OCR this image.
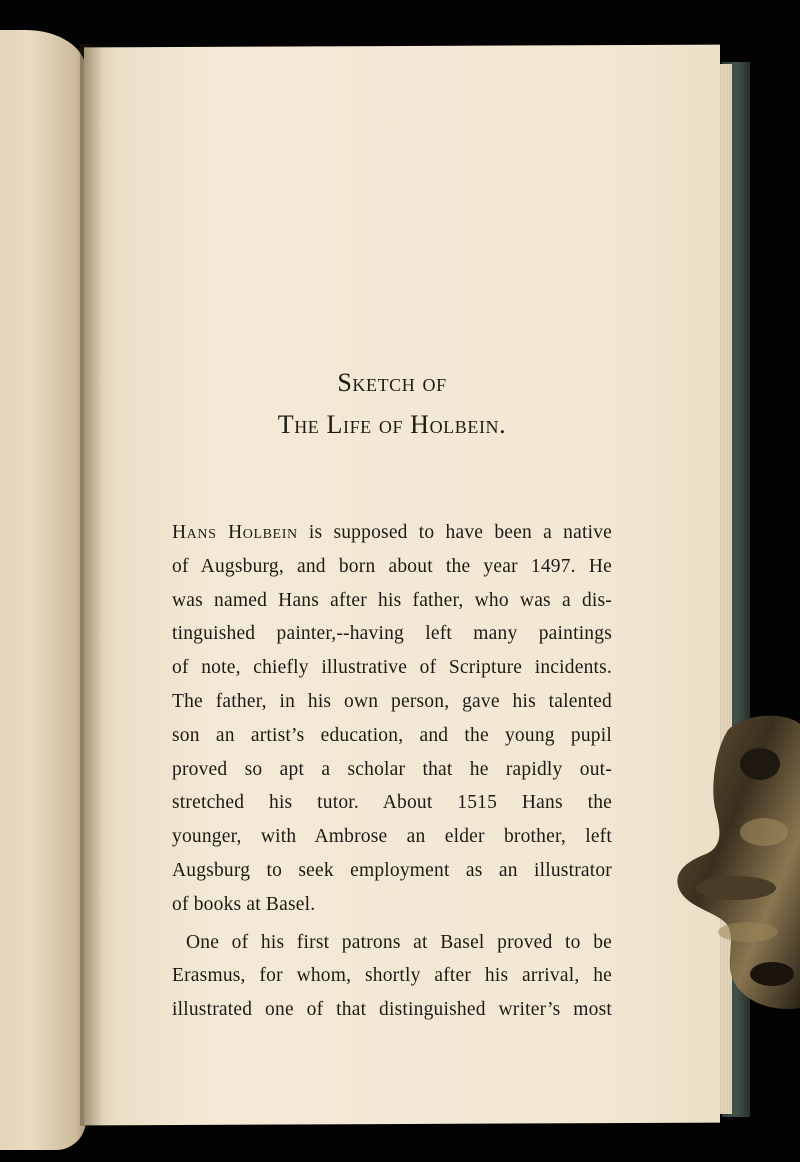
Sketch of
The Life of Holbein.
Hans Holbein is supposed to have been a native
of Augsburg, and born about the year 1497. He
was named Hans after his father, who was a dis-
tinguished painter,--having left many paintings
of note, chiefly illustrative of Scripture incidents.
The father, in his own person, gave his talented
son an artist’s education, and the young pupil
proved so apt a scholar that he rapidly out-
stretched his tutor. About 1515 Hans the
younger, with Ambrose an elder brother, left
Augsburg to seek employment as an illustrator
of books at Basel.
One of his first patrons at Basel proved to be
Erasmus, for whom, shortly after his arrival, he
illustrated one of that distinguished writer’s most
